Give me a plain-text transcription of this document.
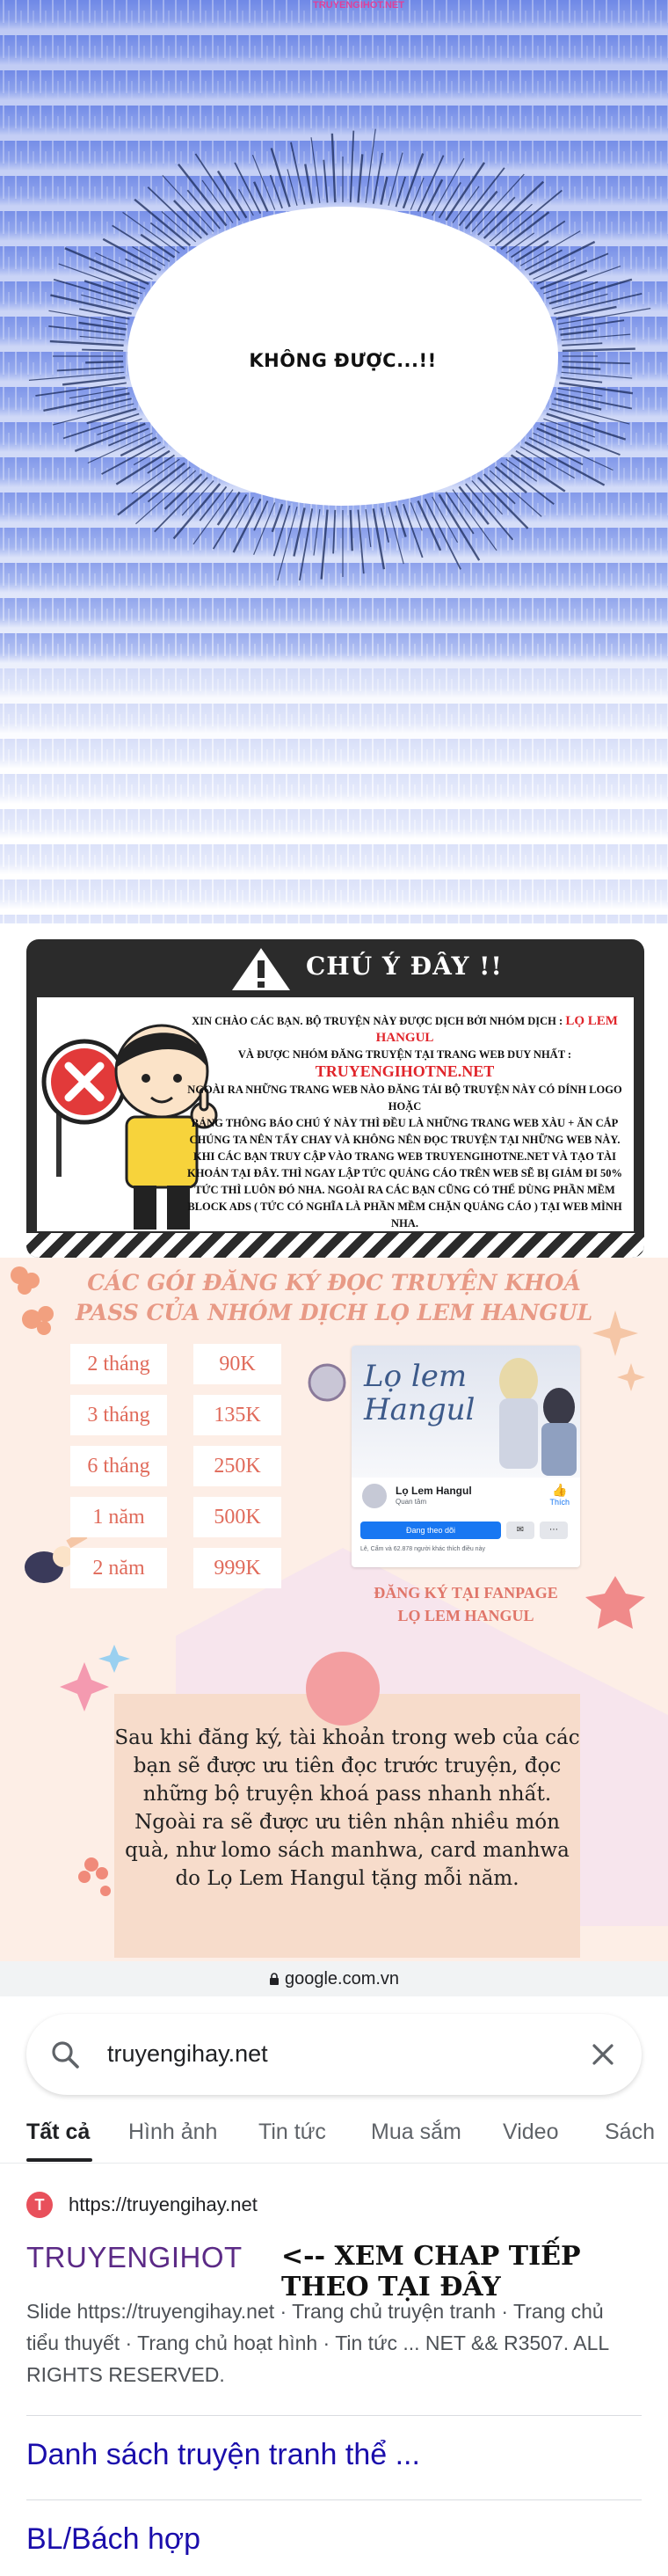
TRUYENGIHOT.NET
KHÔNG ĐƯỢC...!!
CHÚ Ý ĐÂY !!
XIN CHÀO CÁC BẠN. BỘ TRUYỆN NÀY ĐƯỢC DỊCH BỞI NHÓM DỊCH : LỌ LEM HANGUL
VÀ ĐƯỢC NHÓM ĐĂNG TRUYỆN TẠI TRANG WEB DUY NHẤT : TRUYENGIHOTNE.NET
NGOÀI RA NHỮNG TRANG WEB NÀO ĐĂNG TẢI BỘ TRUYỆN NÀY CÓ DÍNH LOGO HOẶC
BẢNG THÔNG BÁO CHÚ Ý NÀY THÌ ĐỀU LÀ NHỮNG TRANG WEB XÀU + ĂN CẮP
CHÚNG TA NÊN TẨY CHAY VÀ KHÔNG NÊN ĐỌC TRUYỆN TẠI NHỮNG WEB NÀY.
KHI CÁC BẠN TRUY CẬP VÀO TRANG WEB TRUYENGIHOTNE.NET VÀ TẠO TÀI
KHOẢN TẠI ĐÂY. THÌ NGAY LẬP TỨC QUẢNG CÁO TRÊN WEB SẼ BỊ GIẢM ĐI 50%
TỨC THÌ LUÔN ĐÓ NHA. NGOÀI RA CÁC BẠN CŨNG CÓ THỂ DÙNG PHẦN MỀM
BLOCK ADS ( TỨC CÓ NGHĨA LÀ PHẦN MỀM CHẶN QUẢNG CÁO ) TẠI WEB MÌNH NHA.
CÁC GÓI ĐĂNG KÝ ĐỌC TRUYỆN KHOÁ
PASS CỦA NHÓM DỊCH LỌ LEM HANGUL
2 tháng	90K
3 tháng	135K
6 tháng	250K
1 năm	500K
2 năm	999K
Lọ lem Hangul
Lọ Lem Hangul
Quan tâm
👍
Thích
Đang theo dõi	✉	⋯
Lê, Cẩm và 62.878 người khác thích điều này
ĐĂNG KÝ TẠI FANPAGE
LỌ LEM HANGUL
Sau khi đăng ký, tài khoản trong web của các bạn sẽ được ưu tiên đọc trước truyện, đọc những bộ truyện khoá pass nhanh nhất. Ngoài ra sẽ được ưu tiên nhận nhiều món quà, như lomo sách manhwa, card manhwa do Lọ Lem Hangul tặng mỗi năm.
google.com.vn
truyengihay.net
Tất cả Hình ảnh Tin tức Mua sắm Video Sách
T	https://truyengihay.net
TRUYENGIHOT <-- XEM CHAP TIẾP THEO TẠI ĐÂY
Slide https://truyengihay.net · Trang chủ truyện tranh · Trang chủ tiểu thuyết · Trang chủ hoạt hình · Tin tức ... NET && R3507. ALL RIGHTS RESERVED.
Danh sách truyện tranh thể ...
BL/Bách hợp
